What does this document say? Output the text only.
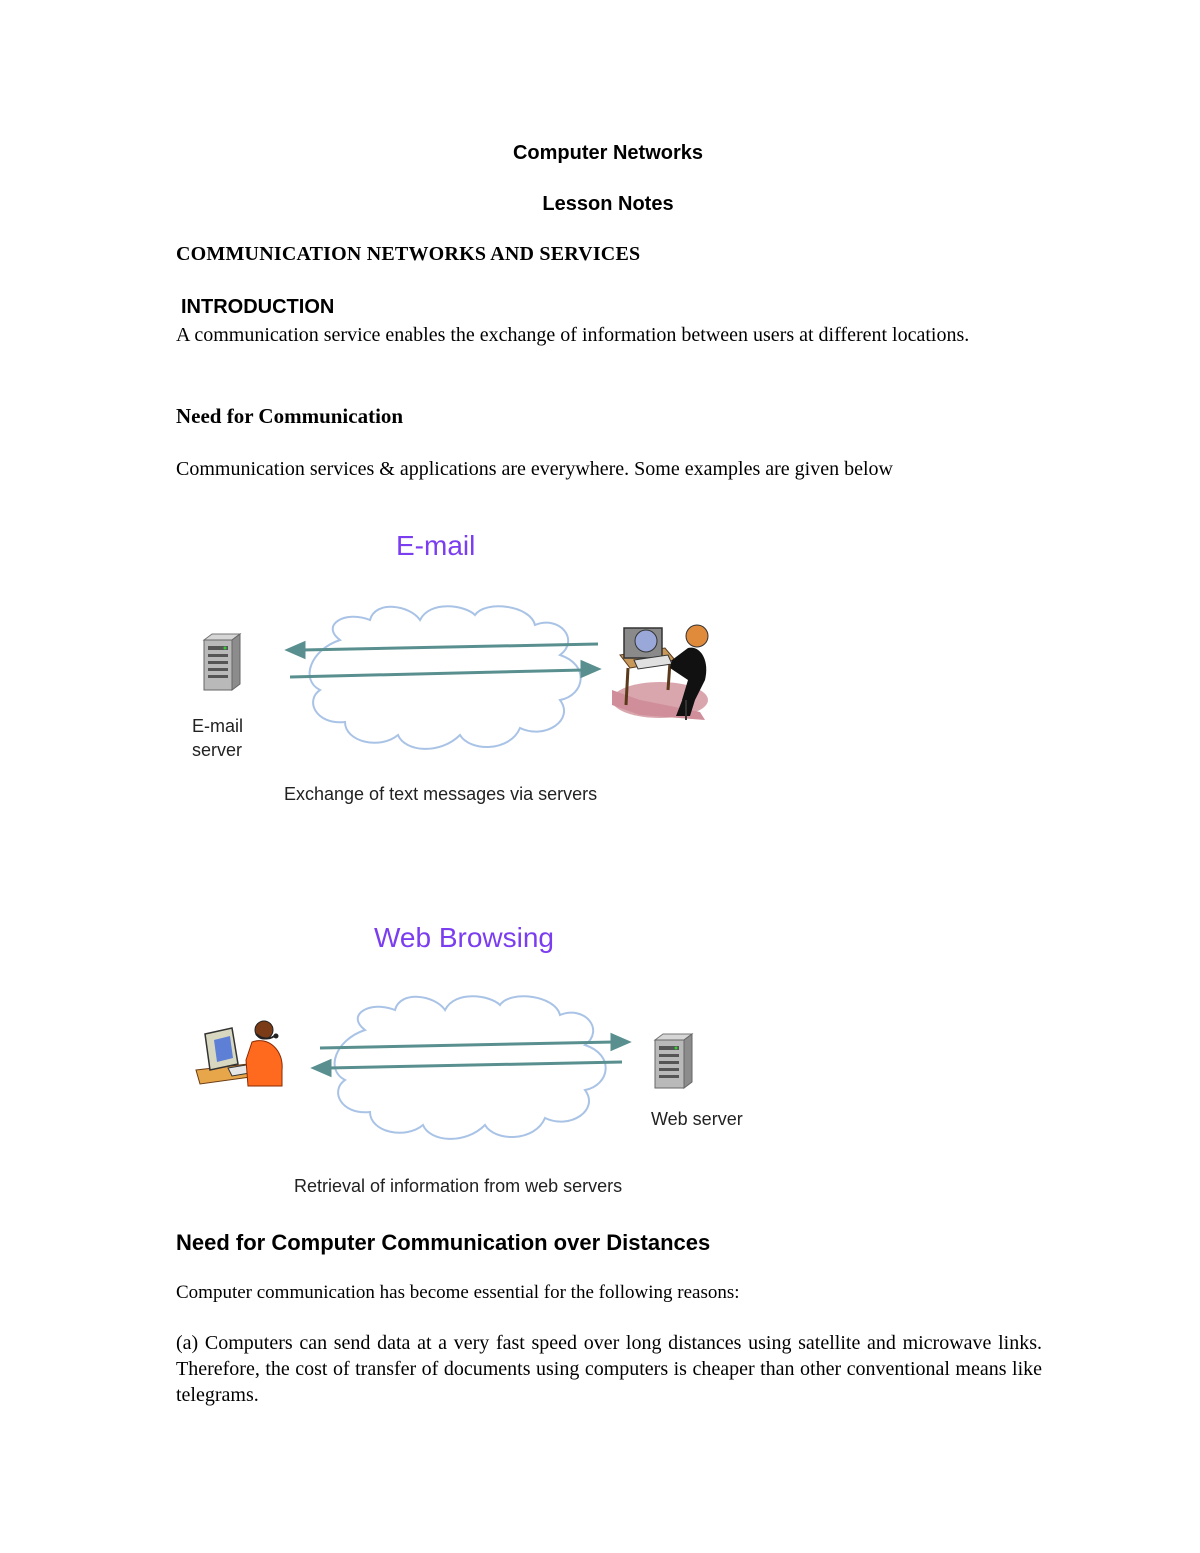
Computer Networks
Lesson Notes
COMMUNICATION NETWORKS AND SERVICES
INTRODUCTION
A communication service enables the exchange of information between users at different locations.
Need for Communication
Communication services & applications are everywhere. Some examples are given below
E-mail
E-mail
server
Exchange of text messages via servers
Web Browsing
Web server
Retrieval of information from web servers
Need for Computer Communication over Distances
Computer communication has become essential for the following reasons:
(a) Computers can send data at a very fast speed over long distances using satellite and microwave links. Therefore, the cost of transfer of documents using computers is cheaper than other conventional means like telegrams.
